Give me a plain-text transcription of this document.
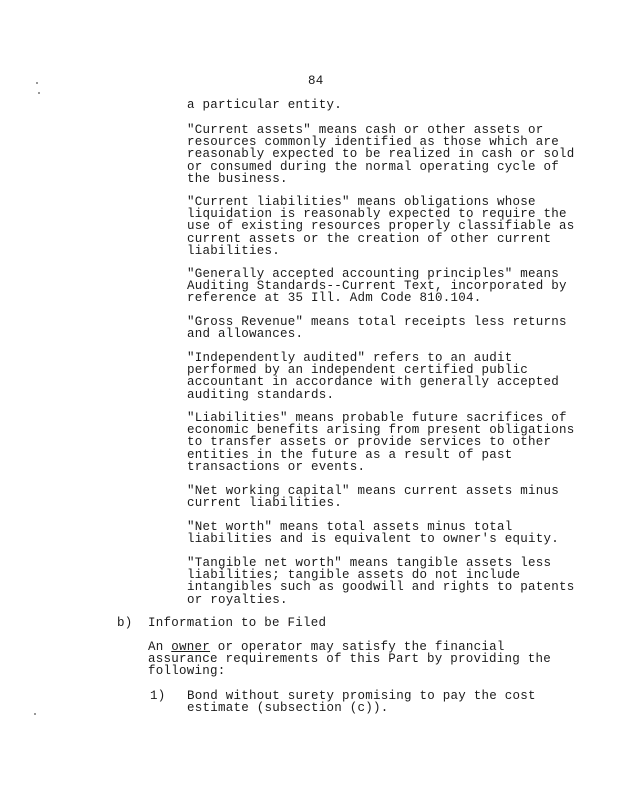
84

a particular entity.

"Current assets" means cash or other assets or
resources commonly identified as those which are
reasonably expected to be realized in cash or sold
or consumed during the normal operating cycle of
the business.

"Current liabilities" means obligations whose
liquidation is reasonably expected to require the
use of existing resources properly classifiable as
current assets or the creation of other current
liabilities.

"Generally accepted accounting principles" means
Auditing Standards--Current Text, incorporated by
reference at 35 Ill. Adm Code 810.104.

"Gross Revenue" means total receipts less returns
and allowances.

"Independently audited" refers to an audit
performed by an independent certified public
accountant in accordance with generally accepted
auditing standards.

"Liabilities" means probable future sacrifices of
economic benefits arising from present obligations
to transfer assets or provide services to other
entities in the future as a result of past
transactions or events.

"Net working capital" means current assets minus
current liabilities.

"Net worth" means total assets minus total
liabilities and is equivalent to owner's equity.

"Tangible net worth" means tangible assets less
liabilities; tangible assets do not include
intangibles such as goodwill and rights to patents
or royalties.

b) Information to be Filed

An owner or operator may satisfy the financial
assurance requirements of this Part by providing the
following:

1) Bond without surety promising to pay the cost
estimate (subsection (c)).
